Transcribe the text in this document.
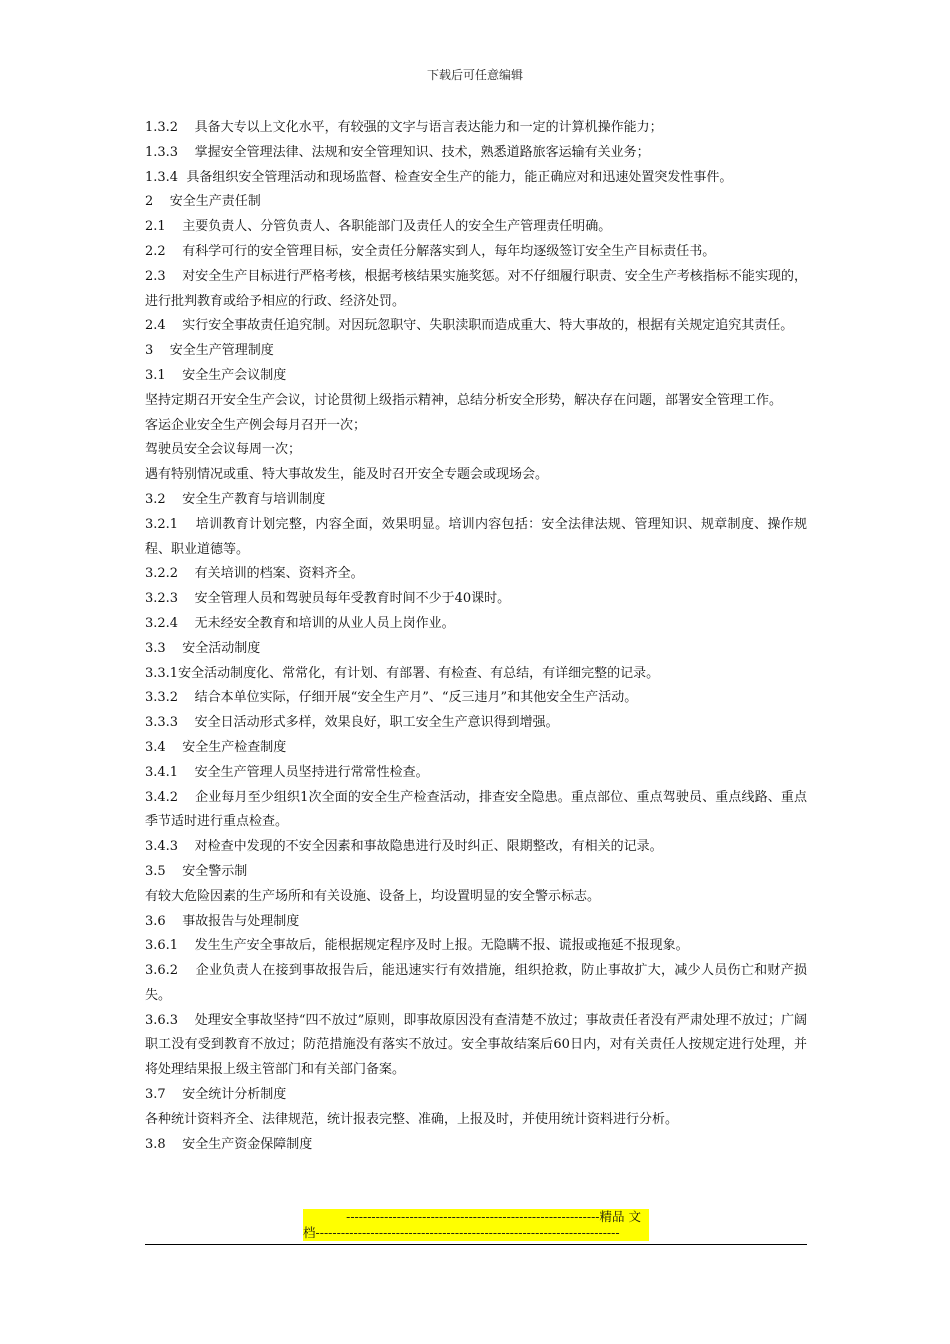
下载后可任意编辑

1.3.2    具备大专以上文化水平，有较强的文字与语言表达能力和一定的计算机操作能力；

1.3.3    掌握安全管理法律、法规和安全管理知识、技术，熟悉道路旅客运输有关业务；

1.3.4  具备组织安全管理活动和现场监督、检查安全生产的能力，能正确应对和迅速处置突发性事件。

2    安全生产责任制

2.1    主要负责人、分管负责人、各职能部门及责任人的安全生产管理责任明确。

2.2    有科学可行的安全管理目标，安全责任分解落实到人，每年均逐级签订安全生产目标责任书。

2.3    对安全生产目标进行严格考核，根据考核结果实施奖惩。对不仔细履行职责、安全生产考核指标不能实现的，进行批判教育或给予相应的行政、经济处罚。

2.4    实行安全事故责任追究制。对因玩忽职守、失职渎职而造成重大、特大事故的，根据有关规定追究其责任。

3    安全生产管理制度

3.1    安全生产会议制度

坚持定期召开安全生产会议，讨论贯彻上级指示精神，总结分析安全形势，解决存在问题，部署安全管理工作。

客运企业安全生产例会每月召开一次；

驾驶员安全会议每周一次；

遇有特别情况或重、特大事故发生，能及时召开安全专题会或现场会。

3.2    安全生产教育与培训制度

3.2.1    培训教育计划完整，内容全面，效果明显。培训内容包括：安全法律法规、管理知识、规章制度、操作规程、职业道德等。

3.2.2    有关培训的档案、资料齐全。

3.2.3    安全管理人员和驾驶员每年受教育时间不少于40课时。

3.2.4    无未经安全教育和培训的从业人员上岗作业。

3.3    安全活动制度

3.3.1安全活动制度化、常常化，有计划、有部署、有检查、有总结，有详细完整的记录。

3.3.2    结合本单位实际，仔细开展“安全生产月”、“反三违月”和其他安全生产活动。

3.3.3    安全日活动形式多样，效果良好，职工安全生产意识得到增强。

3.4    安全生产检查制度

3.4.1    安全生产管理人员坚持进行常常性检查。

3.4.2    企业每月至少组织1次全面的安全生产检查活动，排查安全隐患。重点部位、重点驾驶员、重点线路、重点季节适时进行重点检查。

3.4.3    对检查中发现的不安全因素和事故隐患进行及时纠正、限期整改，有相关的记录。

3.5    安全警示制

有较大危险因素的生产场所和有关设施、设备上，均设置明显的安全警示标志。

3.6    事故报告与处理制度

3.6.1    发生生产安全事故后，能根据规定程序及时上报。无隐瞒不报、谎报或拖延不报现象。

3.6.2    企业负责人在接到事故报告后，能迅速实行有效措施，组织抢救，防止事故扩大，减少人员伤亡和财产损失。

3.6.3    处理安全事故坚持“四不放过”原则，即事故原因没有查清楚不放过；事故责任者没有严肃处理不放过；广阔职工没有受到教育不放过；防范措施没有落实不放过。安全事故结案后60日内，对有关责任人按规定进行处理，并将处理结果报上级主管部门和有关部门备案。

3.7    安全统计分析制度

各种统计资料齐全、法律规范，统计报表完整、准确，上报及时，并使用统计资料进行分析。

3.8    安全生产资金保障制度

------------------------------------------------------------精品 文
档------------------------------------------------------------------------
